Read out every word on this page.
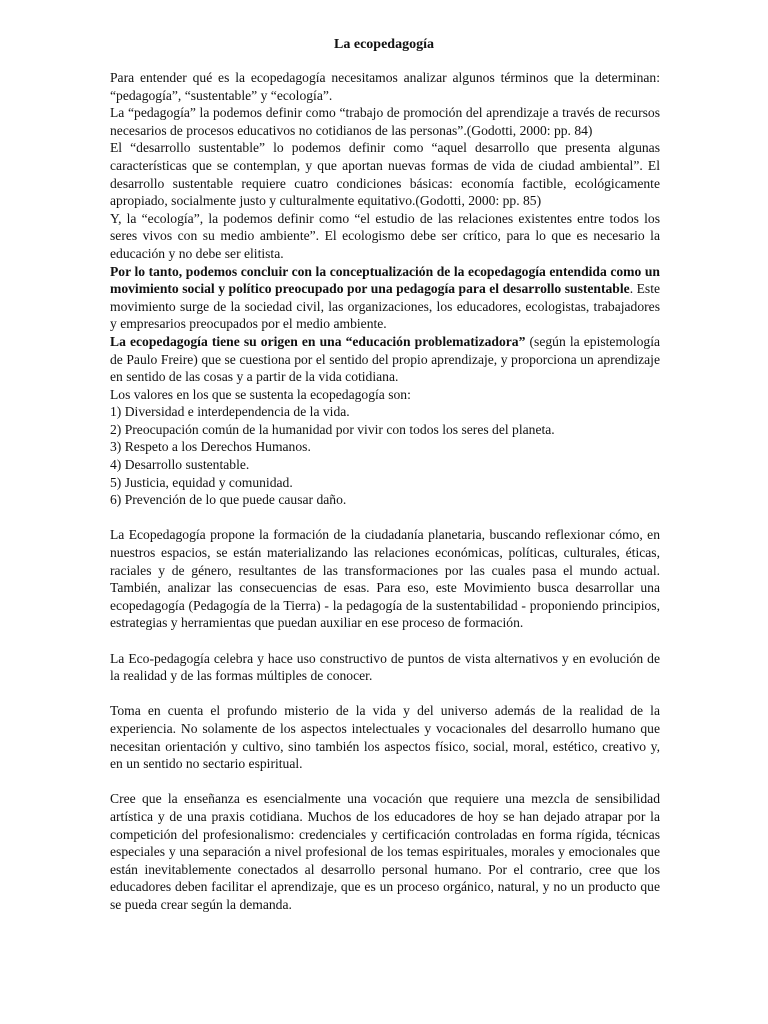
La ecopedagogía

Para entender qué es la ecopedagogía necesitamos analizar algunos términos que la determinan: “pedagogía”, “sustentable” y “ecología”.

La “pedagogía” la podemos definir como “trabajo de promoción del aprendizaje a través de recursos necesarios de procesos educativos no cotidianos de las personas”.(Godotti, 2000: pp. 84)

El “desarrollo sustentable” lo podemos definir como “aquel desarrollo que presenta algunas características que se contemplan, y que aportan nuevas formas de vida de ciudad ambiental”. El desarrollo sustentable requiere cuatro condiciones básicas: economía factible, ecológicamente apropiado, socialmente justo y culturalmente equitativo.(Godotti, 2000: pp. 85)

Y, la “ecología”, la podemos definir como “el estudio de las relaciones existentes entre todos los seres vivos con su medio ambiente”. El ecologismo debe ser crítico, para lo que es necesario la educación y no debe ser elitista.

Por lo tanto, podemos concluir con la conceptualización de la ecopedagogía entendida como un movimiento social y político preocupado por una pedagogía para el desarrollo sustentable. Este movimiento surge de la sociedad civil, las organizaciones, los educadores, ecologistas, trabajadores y empresarios preocupados por el medio ambiente.

La ecopedagogía tiene su origen en una “educación problematizadora” (según la epistemología de Paulo Freire) que se cuestiona por el sentido del propio aprendizaje, y proporciona un aprendizaje en sentido de las cosas y a partir de la vida cotidiana.

Los valores en los que se sustenta la ecopedagogía son:

1) Diversidad e interdependencia de la vida.
2) Preocupación común de la humanidad por vivir con todos los seres del planeta.
3) Respeto a los Derechos Humanos.
4) Desarrollo sustentable.
5) Justicia, equidad y comunidad.
6) Prevención de lo que puede causar daño.

La Ecopedagogía propone la formación de la ciudadanía planetaria, buscando reflexionar cómo, en nuestros espacios, se están materializando las relaciones económicas, políticas, culturales, éticas, raciales y de género, resultantes de las transformaciones por las cuales pasa el mundo actual. También, analizar las consecuencias de esas. Para eso, este Movimiento busca desarrollar una ecopedagogía (Pedagogía de la Tierra) - la pedagogía de la sustentabilidad - proponiendo principios, estrategias y herramientas que puedan auxiliar en ese proceso de formación.

La Eco-pedagogía celebra y hace uso constructivo de puntos de vista alternativos y en evolución de la realidad y de las formas múltiples de conocer.

Toma en cuenta el profundo misterio de la vida y del universo además de la realidad de la experiencia. No solamente de los aspectos intelectuales y vocacionales del desarrollo humano que necesitan orientación y cultivo, sino también los aspectos físico, social, moral, estético, creativo y, en un sentido no sectario espiritual.

Cree que la enseñanza es esencialmente una vocación que requiere una mezcla de sensibilidad artística y de una praxis cotidiana. Muchos de los educadores de hoy se han dejado atrapar por la competición del profesionalismo: credenciales y certificación controladas en forma rígida, técnicas especiales y una separación a nivel profesional de los temas espirituales, morales y emocionales que están inevitablemente conectados al desarrollo personal humano. Por el contrario, cree que los educadores deben facilitar el aprendizaje, que es un proceso orgánico, natural, y no un producto que se pueda crear según la demanda.
